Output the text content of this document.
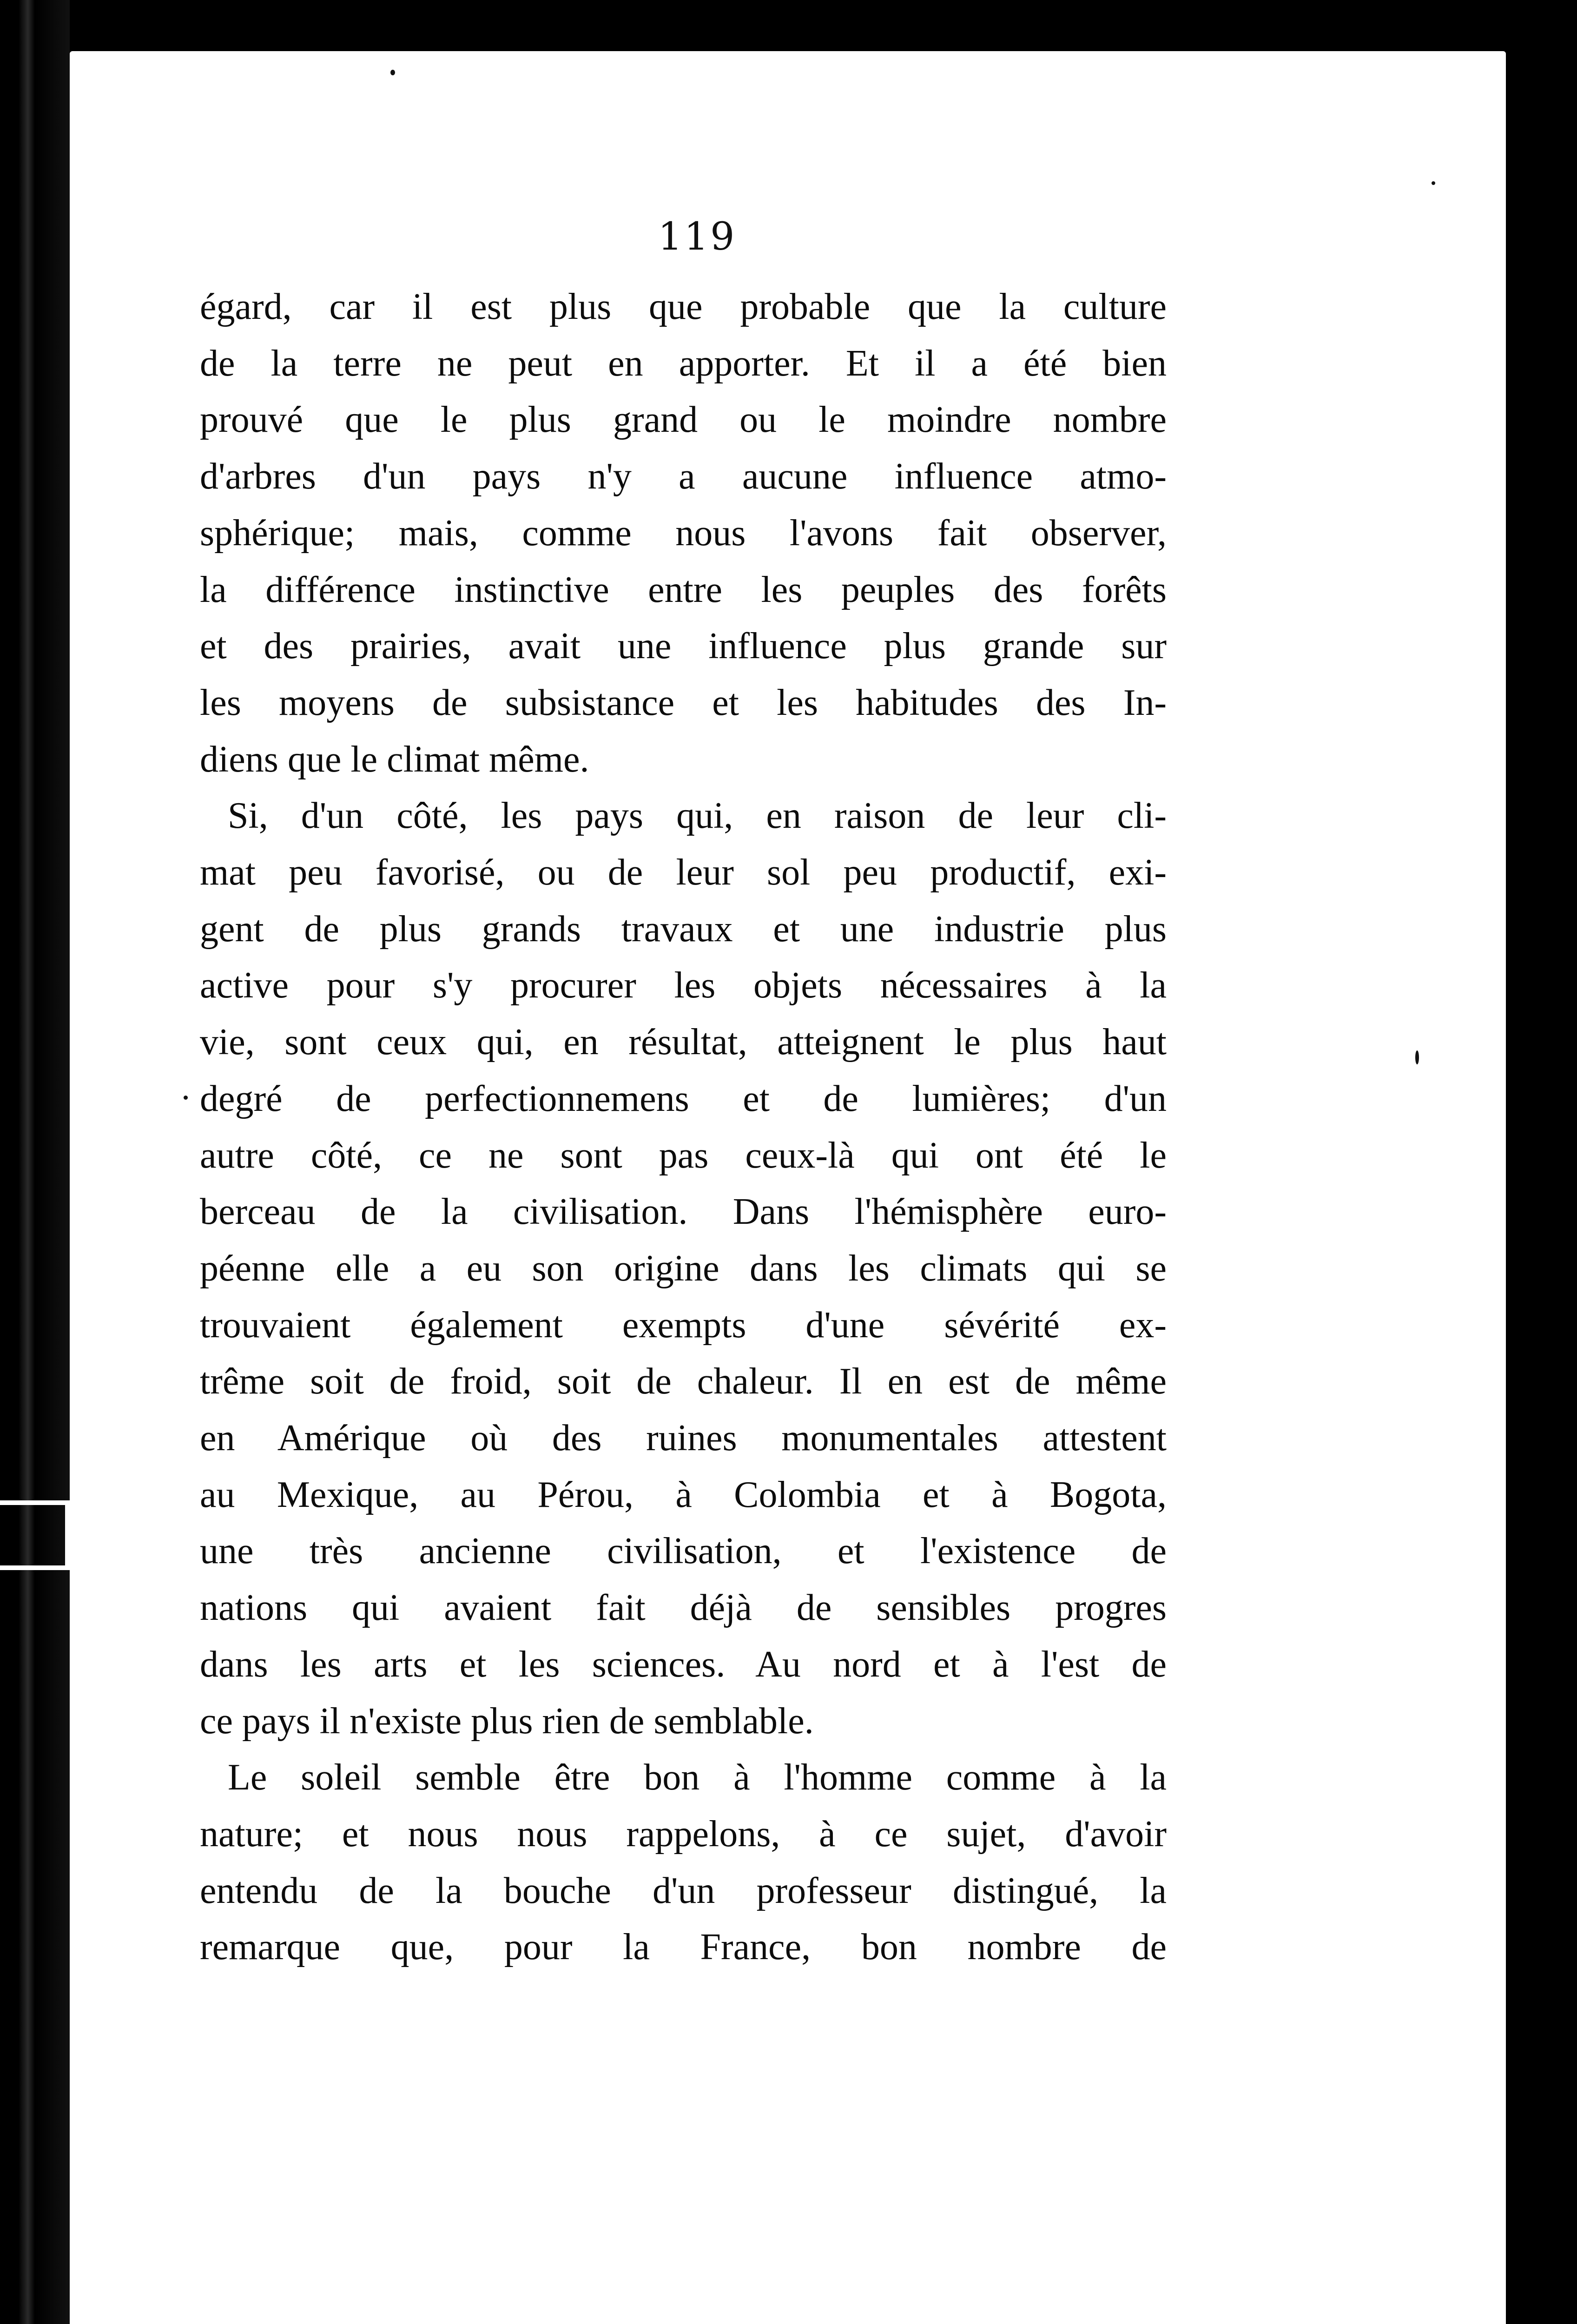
119

égard, car il est plus que probable que la culture
de la terre ne peut en apporter. Et il a été bien
prouvé que le plus grand ou le moindre nombre
d'arbres d'un pays n'y a aucune influence atmo-
sphérique; mais, comme nous l'avons fait observer,
la différence instinctive entre les peuples des forêts
et des prairies, avait une influence plus grande sur
les moyens de subsistance et les habitudes des In-
diens que le climat même.

Si, d'un côté, les pays qui, en raison de leur cli-
mat peu favorisé, ou de leur sol peu productif, exi-
gent de plus grands travaux et une industrie plus
active pour s'y procurer les objets nécessaires à la
vie, sont ceux qui, en résultat, atteignent le plus haut
degré de perfectionnemens et de lumières; d'un
autre côté, ce ne sont pas ceux-là qui ont été le
berceau de la civilisation. Dans l'hémisphère euro-
péenne elle a eu son origine dans les climats qui se
trouvaient également exempts d'une sévérité ex-
trême soit de froid, soit de chaleur. Il en est de même
en Amérique où des ruines monumentales attestent
au Mexique, au Pérou, à Colombia et à Bogota,
une très ancienne civilisation, et l'existence de
nations qui avaient fait déjà de sensibles progres
dans les arts et les sciences. Au nord et à l'est de
ce pays il n'existe plus rien de semblable.

Le soleil semble être bon à l'homme comme à la
nature; et nous nous rappelons, à ce sujet, d'avoir
entendu de la bouche d'un professeur distingué, la
remarque que, pour la France, bon nombre de
